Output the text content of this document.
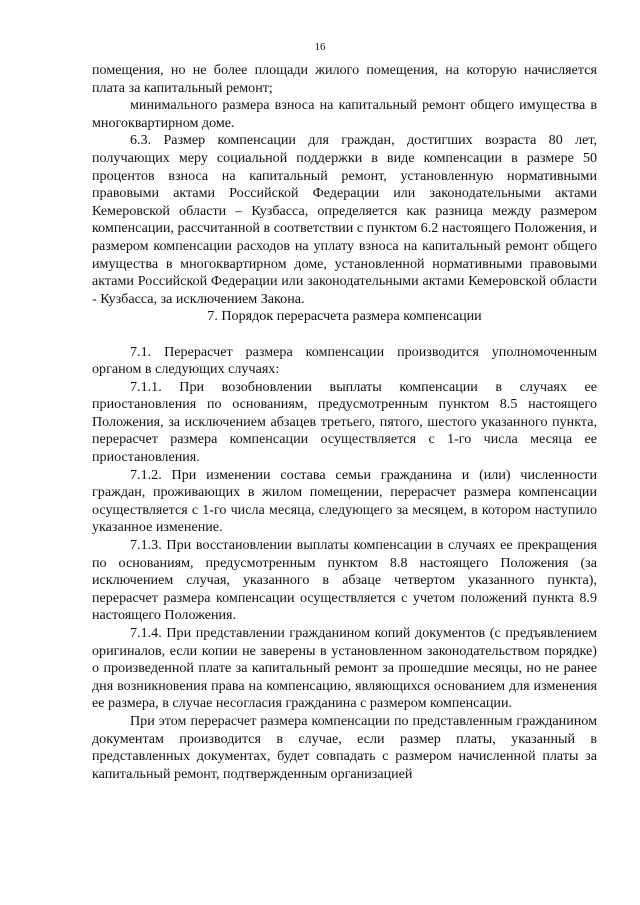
16

помещения, но не более площади жилого помещения, на которую начисляется плата за капитальный ремонт;

минимального размера взноса на капитальный ремонт общего имущества в многоквартирном доме.

6.3. Размер компенсации для граждан, достигших возраста 80 лет, получающих меру социальной поддержки в виде компенсации в размере 50 процентов взноса на капитальный ремонт, установленную нормативными правовыми актами Российской Федерации или законодательными актами Кемеровской области – Кузбасса, определяется как разница между размером компенсации, рассчитанной в соответствии с пунктом 6.2 настоящего Положения, и размером компенсации расходов на уплату взноса на капитальный ремонт общего имущества в многоквартирном доме, установленной нормативными правовыми актами Российской Федерации или законодательными актами Кемеровской области - Кузбасса, за исключением Закона.

7. Порядок перерасчета размера компенсации

7.1. Перерасчет размера компенсации производится уполномоченным органом в следующих случаях:

7.1.1. При возобновлении выплаты компенсации в случаях ее приостановления по основаниям, предусмотренным пунктом 8.5 настоящего Положения, за исключением абзацев третьего, пятого, шестого указанного пункта, перерасчет размера компенсации осуществляется с 1-го числа месяца ее приостановления.

7.1.2. При изменении состава семьи гражданина и (или) численности граждан, проживающих в жилом помещении, перерасчет размера компенсации осуществляется с 1-го числа месяца, следующего за месяцем, в котором наступило указанное изменение.

7.1.3. При восстановлении выплаты компенсации в случаях ее прекращения по основаниям, предусмотренным пунктом 8.8 настоящего Положения (за исключением случая, указанного в абзаце четвертом указанного пункта), перерасчет размера компенсации осуществляется с учетом положений пункта 8.9 настоящего Положения.

7.1.4. При представлении гражданином копий документов (с предъявлением оригиналов, если копии не заверены в установленном законодательством порядке) о произведенной плате за капитальный ремонт за прошедшие месяцы, но не ранее дня возникновения права на компенсацию, являющихся основанием для изменения ее размера, в случае несогласия гражданина с размером компенсации.

При этом перерасчет размера компенсации по представленным гражданином документам производится в случае, если размер платы, указанный в представленных документах, будет совпадать с размером начисленной платы за капитальный ремонт, подтвержденным организацией
